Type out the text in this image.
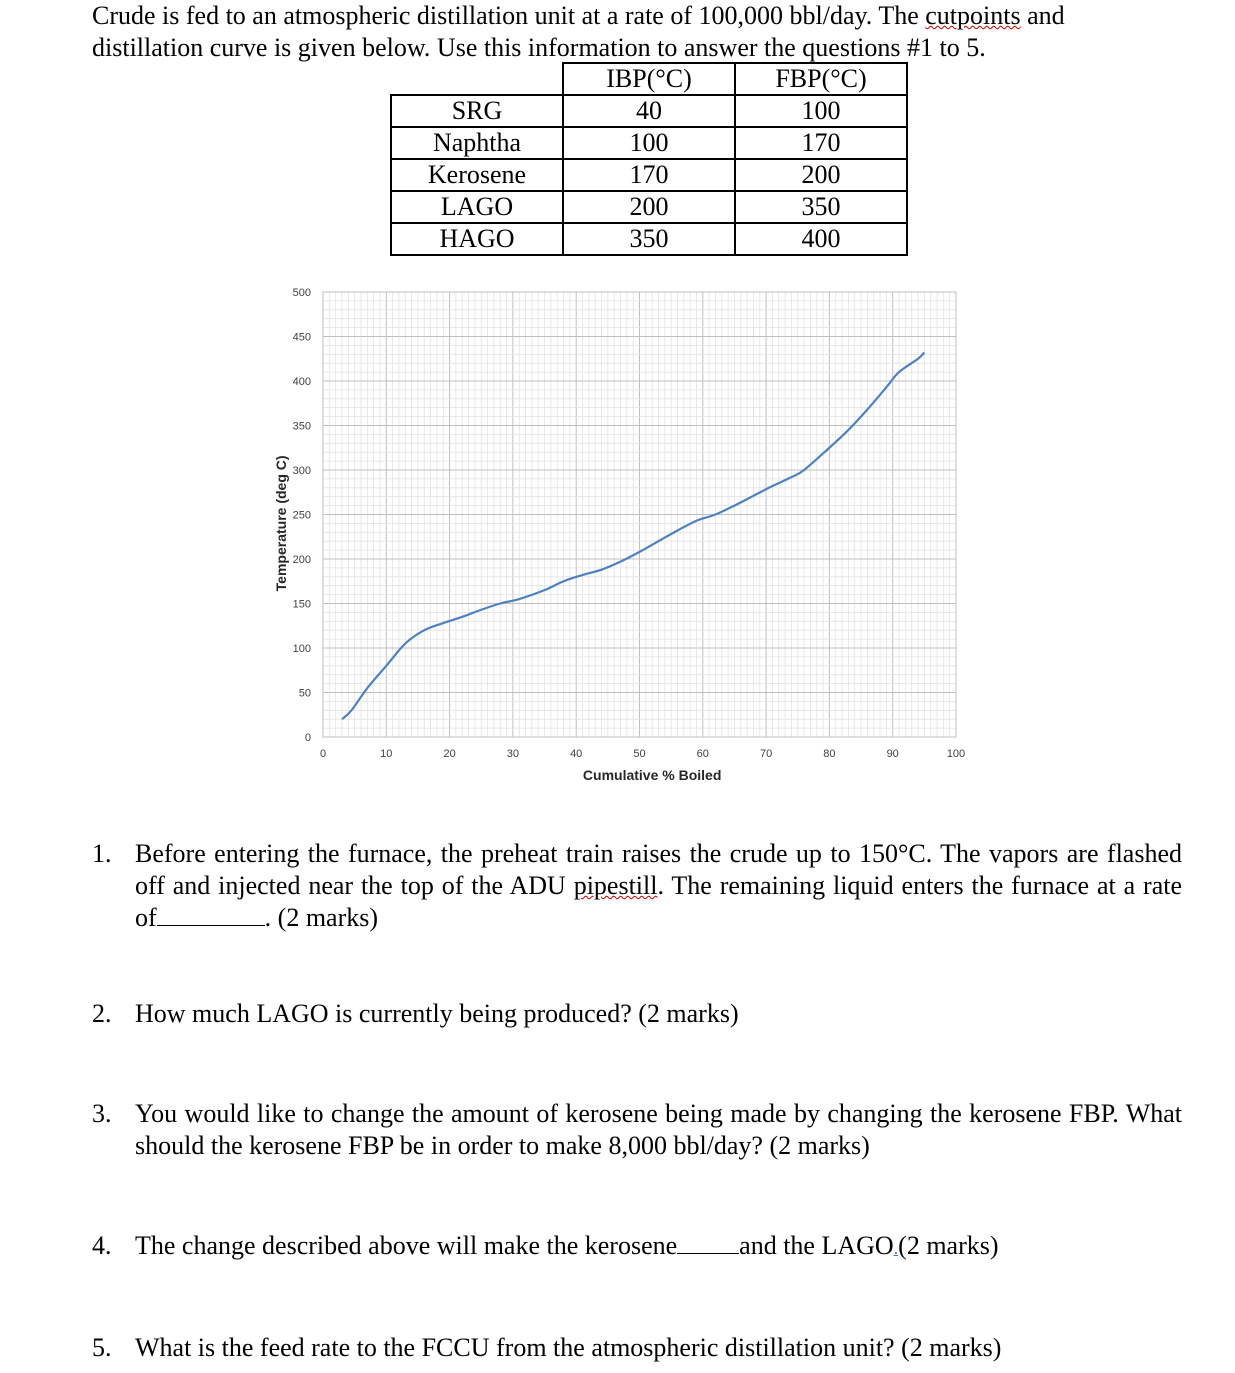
Crude is fed to an atmospheric distillation unit at a rate of 100,000 bbl/day. The cutpoints and
distillation curve is given below. Use this information to answer the questions #1 to 5.
	IBP(°C)	FBP(°C)
SRG	40	100
Naphtha	100	170
Kerosene	170	200
LAGO	200	350
HAGO	350	400
0	10	20	30	40	50	60	70	80	90	100
0
50
100
150
200
250
300
350
400
450
500
Cumulative % Boiled
Temperature (deg C)
1. Before entering the furnace, the preheat train raises the crude up to 150°C. The vapors are flashed off and injected near the top of the ADU pipestill. The remaining liquid enters the furnace at a rate of	. (2 marks)
2. How much LAGO is currently being produced? (2 marks)
3. You would like to change the amount of kerosene being made by changing the kerosene FBP. What should the kerosene FBP be in order to make 8,000 bbl/day? (2 marks)
4. The change described above will make the kerosene and the LAGO.(2 marks)
5. What is the feed rate to the FCCU from the atmospheric distillation unit? (2 marks)
